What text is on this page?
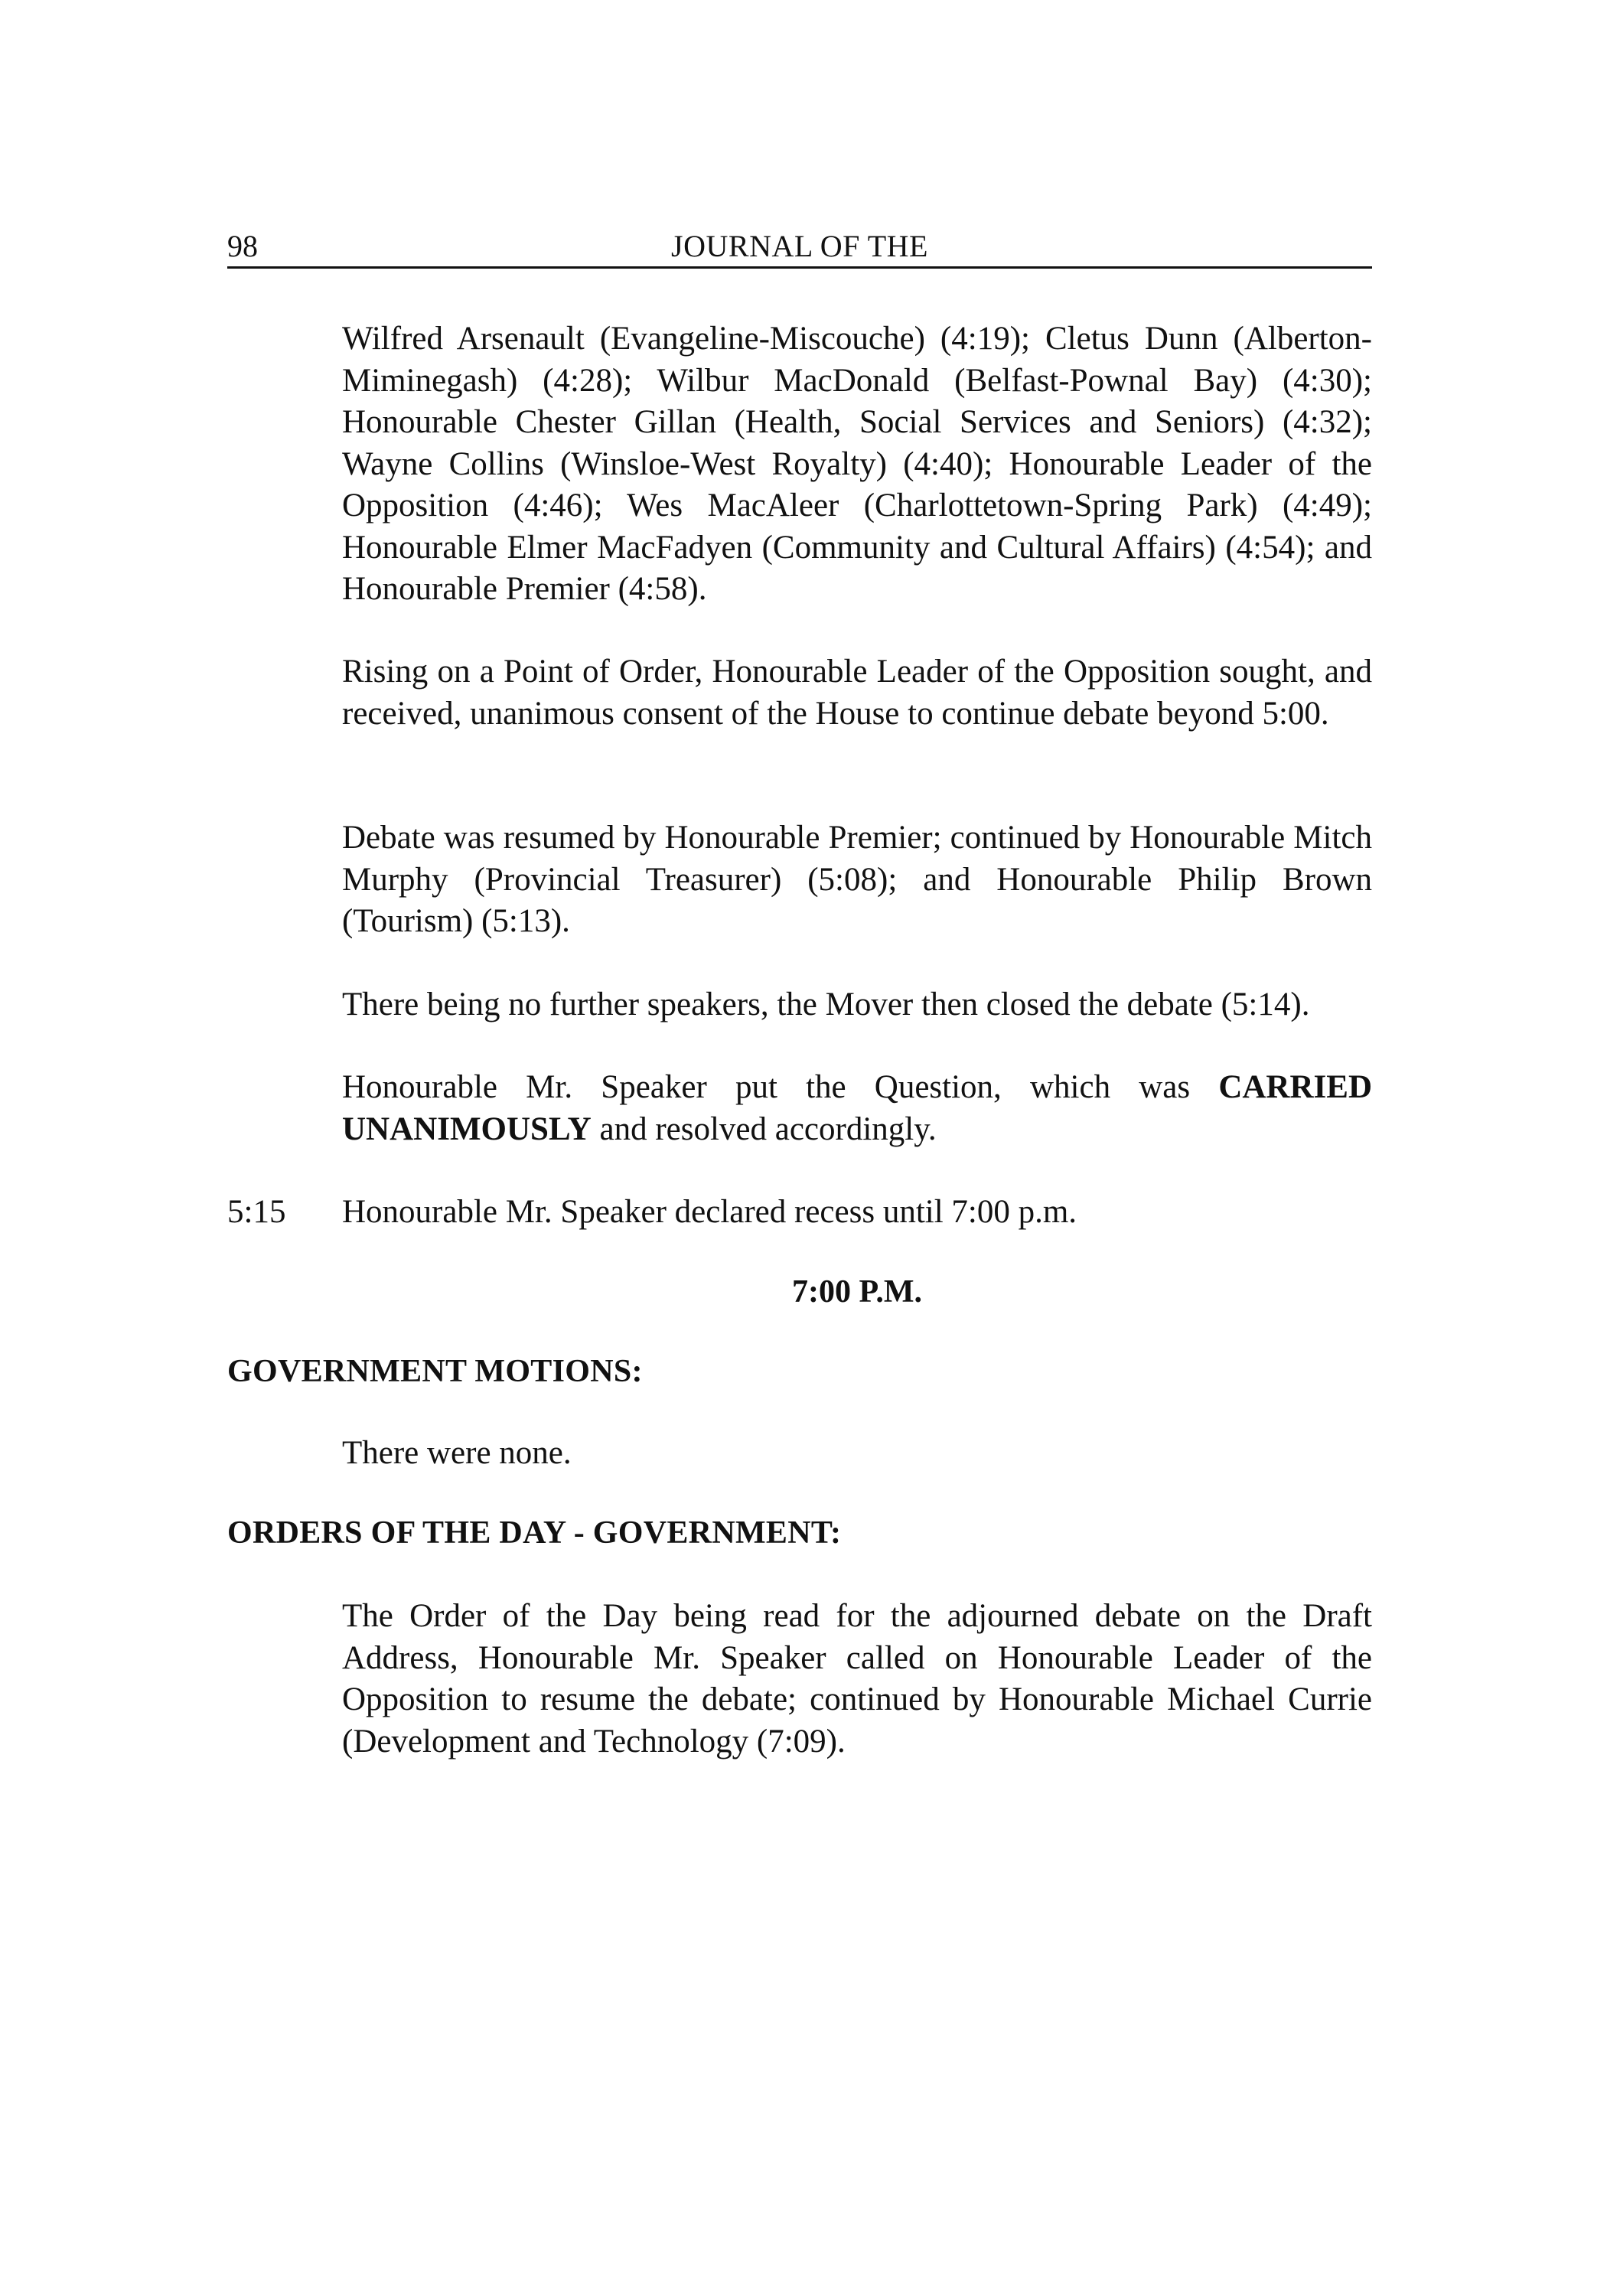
98	JOURNAL OF THE

Wilfred Arsenault (Evangeline-Miscouche) (4:19); Cletus Dunn (Alberton-Miminegash) (4:28); Wilbur MacDonald (Belfast-Pownal Bay) (4:30); Honourable Chester Gillan (Health, Social Services and Seniors) (4:32); Wayne Collins (Winsloe-West Royalty) (4:40); Honourable Leader of the Opposition (4:46); Wes MacAleer (Charlottetown-Spring Park) (4:49); Honourable Elmer MacFadyen (Community and Cultural Affairs) (4:54); and Honourable Premier (4:58).

Rising on a Point of Order, Honourable Leader of the Opposition sought, and received, unanimous consent of the House to continue debate beyond 5:00.

Debate was resumed by Honourable Premier; continued by Honourable Mitch Murphy (Provincial Treasurer) (5:08); and Honourable Philip Brown (Tourism) (5:13).

There being no further speakers, the Mover then closed the debate (5:14).

Honourable Mr. Speaker put the Question, which was CARRIED UNANIMOUSLY and resolved accordingly.

5:15 Honourable Mr. Speaker declared recess until 7:00 p.m.

7:00 P.M.
GOVERNMENT MOTIONS:

There were none.

ORDERS OF THE DAY - GOVERNMENT:

The Order of the Day being read for the adjourned debate on the Draft Address, Honourable Mr. Speaker called on Honourable Leader of the Opposition to resume the debate; continued by Honourable Michael Currie (Development and Technology (7:09).
